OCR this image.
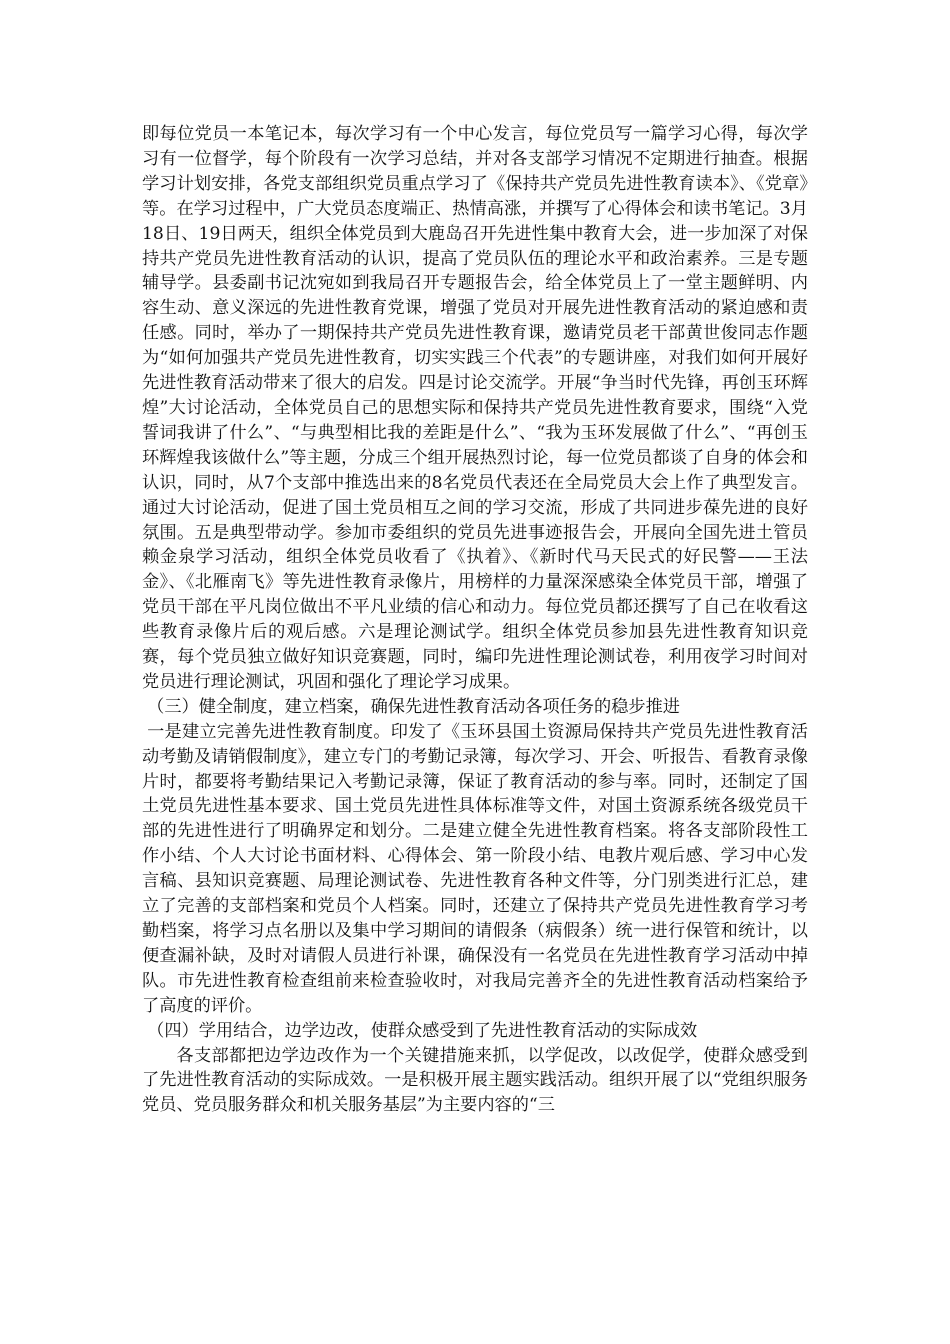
即每位党员一本笔记本，每次学习有一个中心发言，每位党员写一篇学习心得，每次学习有一位督学，每个阶段有一次学习总结，并对各支部学习情况不定期进行抽查。根据学习计划安排，各党支部组织党员重点学习了《保持共产党员先进性教育读本》、《党章》等。在学习过程中，广大党员态度端正、热情高涨，并撰写了心得体会和读书笔记。3月18日、19日两天，组织全体党员到大鹿岛召开先进性集中教育大会，进一步加深了对保持共产党员先进性教育活动的认识，提高了党员队伍的理论水平和政治素养。三是专题辅导学。县委副书记沈宛如到我局召开专题报告会，给全体党员上了一堂主题鲜明、内容生动、意义深远的先进性教育党课，增强了党员对开展先进性教育活动的紧迫感和责任感。同时，举办了一期保持共产党员先进性教育课，邀请党员老干部黄世俊同志作题为“如何加强共产党员先进性教育，切实实践三个代表”的专题讲座，对我们如何开展好先进性教育活动带来了很大的启发。四是讨论交流学。开展“争当时代先锋，再创玉环辉煌”大讨论活动，全体党员自己的思想实际和保持共产党员先进性教育要求，围绕“入党誓词我讲了什么”、“与典型相比我的差距是什么”、“我为玉环发展做了什么”、“再创玉环辉煌我该做什么”等主题，分成三个组开展热烈讨论，每一位党员都谈了自身的体会和认识，同时，从7个支部中推选出来的8名党员代表还在全局党员大会上作了典型发言。通过大讨论活动，促进了国土党员相互之间的学习交流，形成了共同进步葆先进的良好氛围。五是典型带动学。参加市委组织的党员先进事迹报告会，开展向全国先进土管员赖金泉学习活动，组织全体党员收看了《执着》、《新时代马天民式的好民警——王法金》、《北雁南飞》等先进性教育录像片，用榜样的力量深深感染全体党员干部，增强了党员干部在平凡岗位做出不平凡业绩的信心和动力。每位党员都还撰写了自己在收看这些教育录像片后的观后感。六是理论测试学。组织全体党员参加县先进性教育知识竞赛，每个党员独立做好知识竞赛题，同时，编印先进性理论测试卷，利用夜学习时间对党员进行理论测试，巩固和强化了理论学习成果。

（三）健全制度，建立档案，确保先进性教育活动各项任务的稳步推进

一是建立完善先进性教育制度。印发了《玉环县国土资源局保持共产党员先进性教育活动考勤及请销假制度》，建立专门的考勤记录簿，每次学习、开会、听报告、看教育录像片时，都要将考勤结果记入考勤记录簿，保证了教育活动的参与率。同时，还制定了国土党员先进性基本要求、国土党员先进性具体标准等文件，对国土资源系统各级党员干部的先进性进行了明确界定和划分。二是建立健全先进性教育档案。将各支部阶段性工作小结、个人大讨论书面材料、心得体会、第一阶段小结、电教片观后感、学习中心发言稿、县知识竞赛题、局理论测试卷、先进性教育各种文件等，分门别类进行汇总，建立了完善的支部档案和党员个人档案。同时，还建立了保持共产党员先进性教育学习考勤档案，将学习点名册以及集中学习期间的请假条（病假条）统一进行保管和统计，以便查漏补缺，及时对请假人员进行补课，确保没有一名党员在先进性教育学习活动中掉队。市先进性教育检查组前来检查验收时，对我局完善齐全的先进性教育活动档案给予了高度的评价。

（四）学用结合，边学边改，使群众感受到了先进性教育活动的实际成效

各支部都把边学边改作为一个关键措施来抓，以学促改，以改促学，使群众感受到了先进性教育活动的实际成效。一是积极开展主题实践活动。组织开展了以“党组织服务党员、党员服务群众和机关服务基层”为主要内容的“三
